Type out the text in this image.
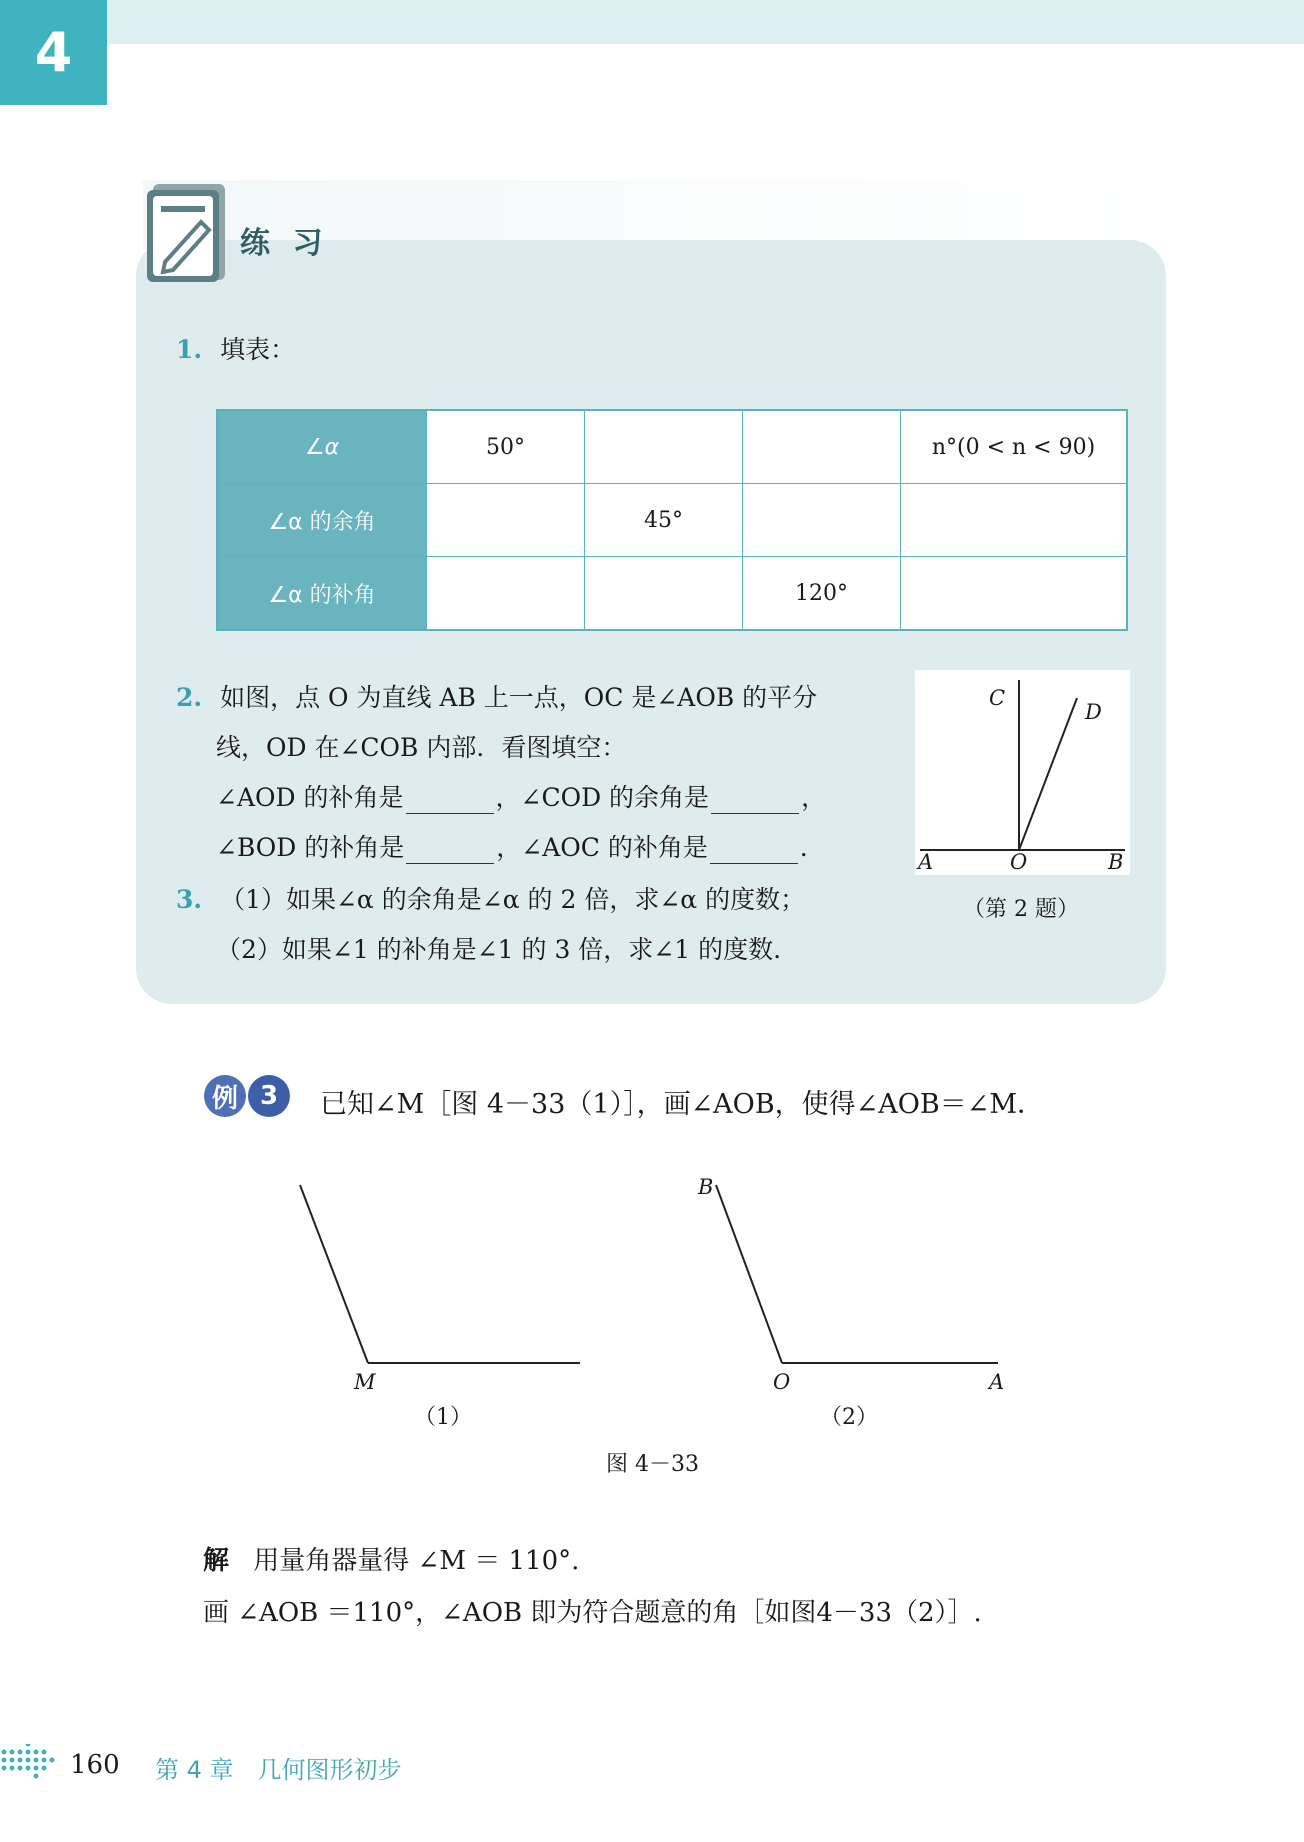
4
练 习
1. 填表：
∠α	50°			n°(0 < n < 90)
∠α 的余角		45°		
∠α 的补角			120°	
2. 如图，点 O 为直线 AB 上一点，OC 是∠AOB 的平分
线，OD 在∠COB 内部．看图填空：
∠AOD 的补角是	，∠COD 的余角是	，
∠BOD 的补角是	，∠AOC 的补角是	．
C
D
A	O	B
（第 2 题）
3. （1）如果∠α 的余角是∠α 的 2 倍，求∠α 的度数；
（2）如果∠1 的补角是∠1 的 3 倍，求∠1 的度数.
例 3	已知∠M［图 4－33（1）］，画∠AOB，使得∠AOB＝∠M．
M
（1）
B
O	A
（2）
图 4－33
解 用量角器量得 ∠M ＝ 110°.
画 ∠AOB ＝110°，∠AOB 即为符合题意的角［如图4－33（2）］.
160 第 4 章　几何图形初步
